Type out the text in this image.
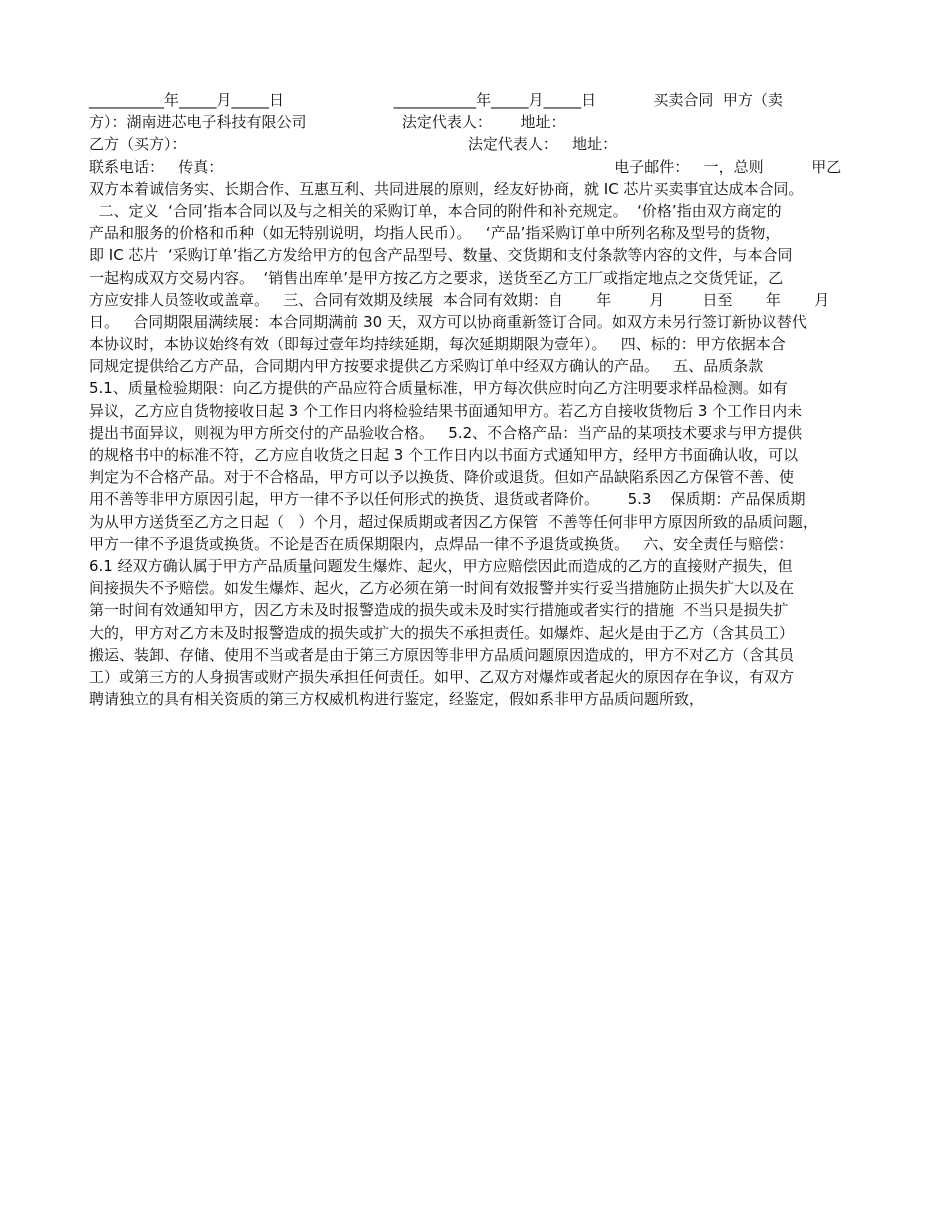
__________年_____月_____日                       ___________年_____月_____日            买卖合同  甲方（卖
方）：湖南进芯电子科技有限公司                    法定代表人：      地址：
乙方（买方）：                                                           法定代表人：   地址：
联系电话：   传真：                                                                                  电子邮件：   一，总则          甲乙
双方本着诚信务实、长期合作、互惠互利、共同进展的原则，经友好协商，就 IC 芯片买卖事宜达成本合同。
二、定义  ‘合同’指本合同以及与之相关的采购订单，本合同的附件和补充规定。  ‘价格’指由双方商定的
产品和服务的价格和币种（如无特别说明，均指人民币）。   ‘产品’指采购订单中所列名称及型号的货物，
即 IC 芯片  ‘采购订单’指乙方发给甲方的包含产品型号、数量、交货期和支付条款等内容的文件，与本合同
一起构成双方交易内容。  ‘销售出库单’是甲方按乙方之要求，送货至乙方工厂或指定地点之交货凭证，乙
方应安排人员签收或盖章。   三、合同有效期及续展  本合同有效期：自       年        月        日至       年       月
日。   合同期限届满续展：本合同期满前 30 天，双方可以协商重新签订合同。如双方未另行签订新协议替代
本协议时，本协议始终有效（即每过壹年均持续延期，每次延期期限为壹年）。   四、标的：甲方依据本合
同规定提供给乙方产品，合同期内甲方按要求提供乙方采购订单中经双方确认的产品。   五、品质条款
5.1、质量检验期限：向乙方提供的产品应符合质量标准，甲方每次供应时向乙方注明要求样品检测。如有
异议，乙方应自货物接收日起 3 个工作日内将检验结果书面通知甲方。若乙方自接收货物后 3 个工作日内未
提出书面异议，则视为甲方所交付的产品验收合格。   5.2、不合格产品：当产品的某项技术要求与甲方提供
的规格书中的标准不符，乙方应自收货之日起 3 个工作日内以书面方式通知甲方，经甲方书面确认收，可以
判定为不合格产品。对于不合格品，甲方可以予以换货、降价或退货。但如产品缺陷系因乙方保管不善、使
用不善等非甲方原因引起，甲方一律不予以任何形式的换货、退货或者降价。      5.3    保质期：产品保质期
为从甲方送货至乙方之日起（   ）个月，超过保质期或者因乙方保管  不善等任何非甲方原因所致的品质问题，
甲方一律不予退货或换货。不论是否在质保期限内，点焊品一律不予退货或换货。   六、安全责任与赔偿：
6.1 经双方确认属于甲方产品质量问题发生爆炸、起火，甲方应赔偿因此而造成的乙方的直接财产损失，但
间接损失不予赔偿。如发生爆炸、起火，乙方必须在第一时间有效报警并实行妥当措施防止损失扩大以及在
第一时间有效通知甲方，因乙方未及时报警造成的损失或未及时实行措施或者实行的措施  不当只是损失扩
大的，甲方对乙方未及时报警造成的损失或扩大的损失不承担责任。如爆炸、起火是由于乙方（含其员工）
搬运、装卸、存储、使用不当或者是由于第三方原因等非甲方品质问题原因造成的，甲方不对乙方（含其员
工）或第三方的人身损害或财产损失承担任何责任。如甲、乙双方对爆炸或者起火的原因存在争议，有双方
聘请独立的具有相关资质的第三方权威机构进行鉴定，经鉴定，假如系非甲方品质问题所致，
